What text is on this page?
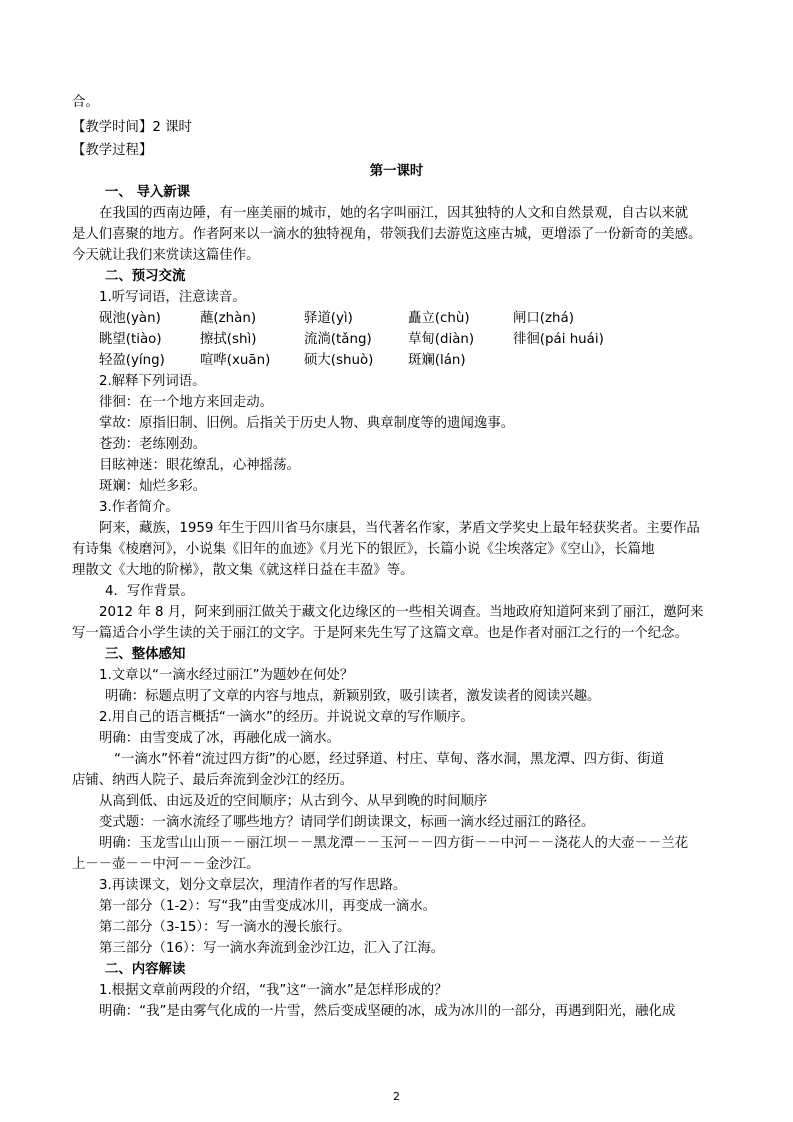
合。
【教学时间】2 课时
【教学过程】
第一课时
一、 导入新课
在我国的西南边陲，有一座美丽的城市，她的名字叫丽江，因其独特的人文和自然景观，自古以来就
是人们喜聚的地方。作者阿来以一滴水的独特视角，带领我们去游览这座古城，更增添了一份新奇的美感。
今天就让我们来赏读这篇佳作。
二、预习交流
1.听写词语，注意读音。
砚池(yàn)	蘸(zhàn)	驿道(yì)	矗立(chù)	闸口(zhá)
眺望(tiào)	擦拭(shì)	流淌(tǎng)	草甸(diàn)	徘徊(pái huái)
轻盈(yíng)	喧哗(xuān)	硕大(shuò)	斑斓(lán)
2.解释下列词语。
徘徊：在一个地方来回走动。
掌故：原指旧制、旧例。后指关于历史人物、典章制度等的遗闻逸事。
苍劲：老练刚劲。
目眩神迷：眼花缭乱，心神摇荡。
斑斓：灿烂多彩。
3.作者简介。
阿来，藏族，1959 年生于四川省马尔康县，当代著名作家，茅盾文学奖史上最年轻获奖者。主要作品
有诗集《棱磨河》，小说集《旧年的血迹》《月光下的银匠》，长篇小说《尘埃落定》《空山》，长篇地
理散文《大地的阶梯》，散文集《就这样日益在丰盈》等。
4．写作背景。
2012 年 8 月，阿来到丽江做关于藏文化边缘区的一些相关调查。当地政府知道阿来到了丽江，邀阿来
写一篇适合小学生读的关于丽江的文字。于是阿来先生写了这篇文章。也是作者对丽江之行的一个纪念。
三、整体感知
1.文章以“一滴水经过丽江”为题妙在何处？
明确：标题点明了文章的内容与地点，新颖别致，吸引读者，激发读者的阅读兴趣。
2.用自己的语言概括“一滴水”的经历。并说说文章的写作顺序。
明确：由雪变成了冰，再融化成一滴水。
“一滴水”怀着“流过四方街”的心愿，经过驿道、村庄、草甸、落水洞，黑龙潭、四方街、街道
店铺、纳西人院子、最后奔流到金沙江的经历。
从高到低、由远及近的空间顺序；从古到今、从早到晚的时间顺序
变式题：一滴水流经了哪些地方？请同学们朗读课文，标画一滴水经过丽江的路径。
明确：玉龙雪山山顶－－丽江坝－－黑龙潭－－玉河－－四方街－－中河－－浇花人的大壶－－兰花
上－－壶－－中河－－金沙江。
3.再读课文，划分文章层次，理清作者的写作思路。
第一部分（1-2）：写“我”由雪变成冰川，再变成一滴水。
第二部分（3-15）：写一滴水的漫长旅行。
第三部分（16）：写一滴水奔流到金沙江边，汇入了江海。
二、内容解读
1.根据文章前两段的介绍，“我”这“一滴水”是怎样形成的？
明确：“我”是由雾气化成的一片雪，然后变成坚硬的冰，成为冰川的一部分，再遇到阳光，融化成
2
